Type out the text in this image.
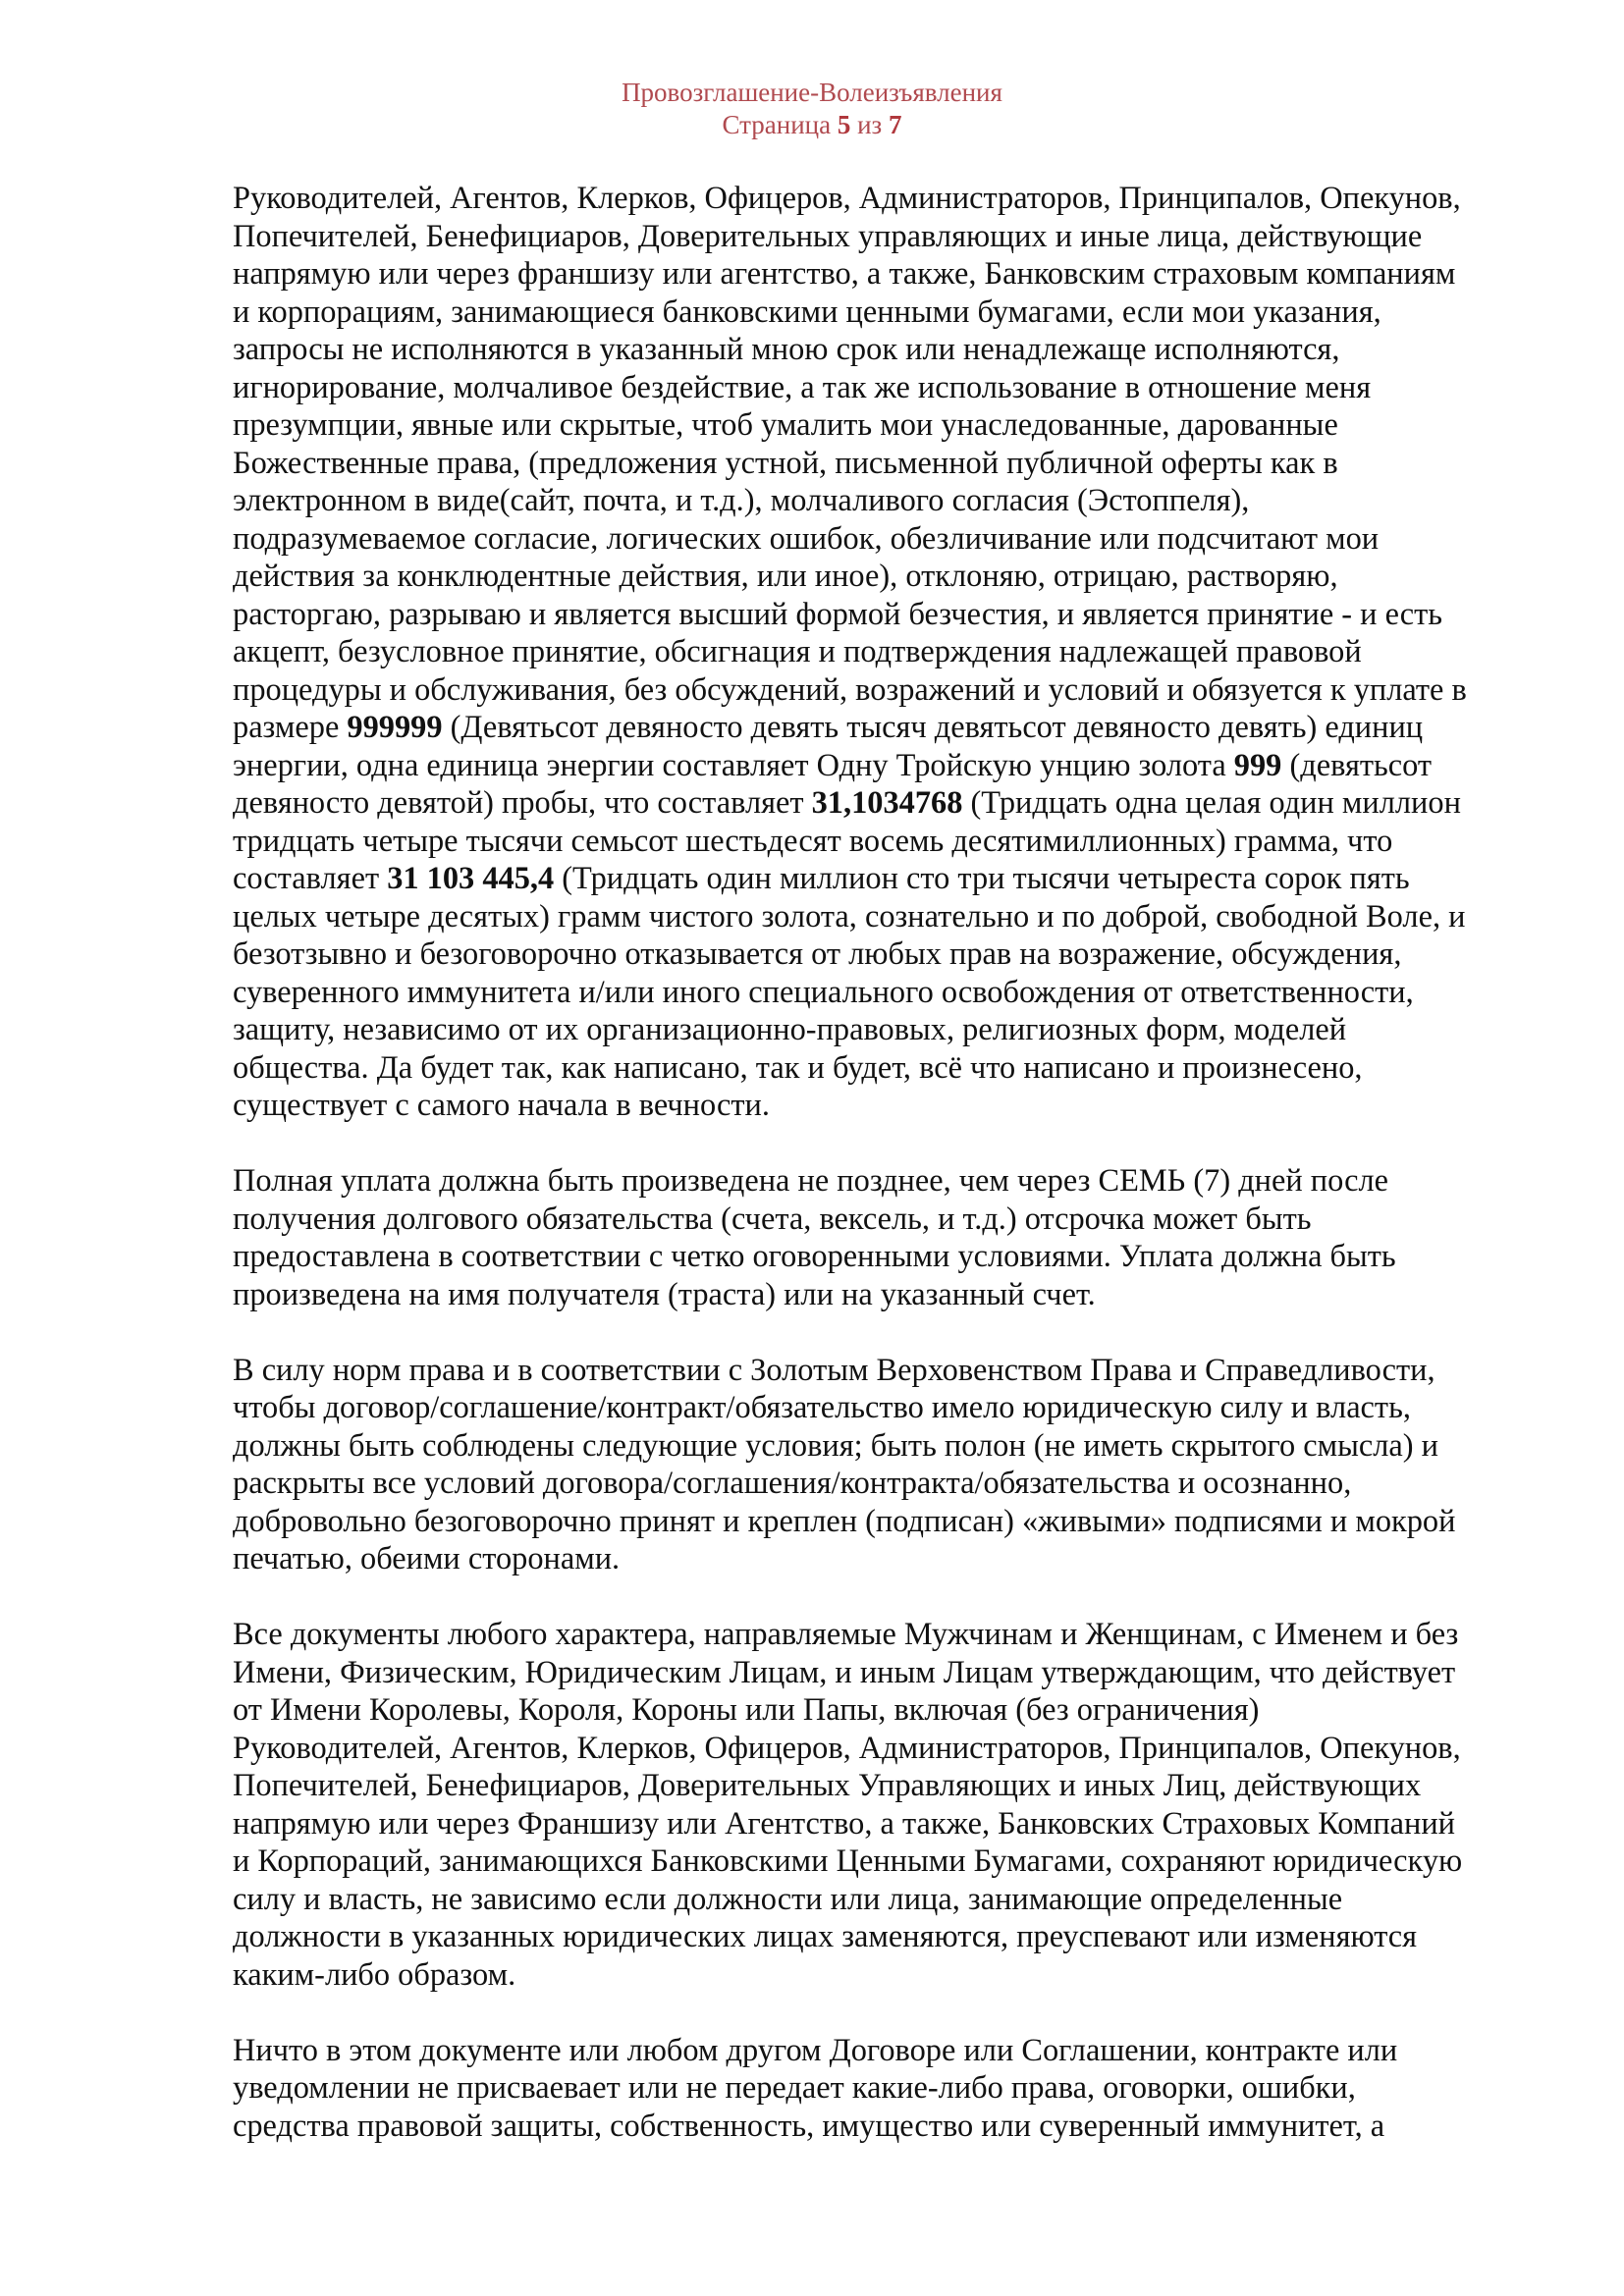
Провозглашение-Волеизъявления
Страница 5 из 7
Руководителей, Агентов, Клерков, Офицеров, Администраторов, Принципалов, Опекунов,
Попечителей, Бенефициаров, Доверительных управляющих и иные лица, действующие
напрямую или через франшизу или агентство, а также, Банковским страховым компаниям
и корпорациям, занимающиеся банковскими ценными бумагами, если мои указания,
запросы не исполняются в указанный мною срок или ненадлежаще исполняются,
игнорирование, молчаливое бездействие, а так же использование в отношение меня
презумпции, явные или скрытые, чтоб умалить мои унаследованные, дарованные
Божественные права, (предложения устной, письменной публичной оферты как в
электронном в виде(сайт, почта, и т.д.), молчаливого согласия (Эстоппеля),
подразумеваемое согласие, логических ошибок, обезличивание или подсчитают мои
действия за конклюдентные действия, или иное), отклоняю, отрицаю, растворяю,
расторгаю, разрываю и является высший формой безчестия, и является принятие - и есть
акцепт, безусловное принятие, обсигнация и подтверждения надлежащей правовой
процедуры и обслуживания, без обсуждений, возражений и условий и обязуется к уплате в
размере 999999 (Девятьсот девяносто девять тысяч девятьсот девяносто девять) единиц
энергии, одна единица энергии составляет Одну Тройскую унцию золота 999 (девятьсот
девяносто девятой) пробы, что составляет 31,1034768 (Тридцать одна целая один миллион
тридцать четыре тысячи семьсот шестьдесят восемь десятимиллионных) грамма, что
составляет 31 103 445,4 (Тридцать один миллион сто три тысячи четыреста сорок пять
целых четыре десятых) грамм чистого золота, сознательно и по доброй, свободной Воле, и
безотзывно и безоговорочно отказывается от любых прав на возражение, обсуждения,
суверенного иммунитета и/или иного специального освобождения от ответственности,
защиту, независимо от их организационно-правовых, религиозных форм, моделей
общества. Да будет так, как написано, так и будет, всё что написано и произнесено,
существует с самого начала в вечности.
Полная уплата должна быть произведена не позднее, чем через СЕМЬ (7) дней после
получения долгового обязательства (счета, вексель, и т.д.) отсрочка может быть
предоставлена в соответствии с четко оговоренными условиями. Уплата должна быть
произведена на имя получателя (траста) или на указанный счет.
В силу норм права и в соответствии с Золотым Верховенством Права и Справедливости,
чтобы договор/соглашение/контракт/обязательство имело юридическую силу и власть,
должны быть соблюдены следующие условия; быть полон (не иметь скрытого смысла) и
раскрыты все условий договора/соглашения/контракта/обязательства и осознанно,
добровольно безоговорочно принят и креплен (подписан) «живыми» подписями и мокрой
печатью, обеими сторонами.
Все документы любого характера, направляемые Мужчинам и Женщинам, с Именем и без
Имени, Физическим, Юридическим Лицам, и иным Лицам утверждающим, что действует
от Имени Королевы, Короля, Короны или Папы, включая (без ограничения)
Руководителей, Агентов, Клерков, Офицеров, Администраторов, Принципалов, Опекунов,
Попечителей, Бенефициаров, Доверительных Управляющих и иных Лиц, действующих
напрямую или через Франшизу или Агентство, а также, Банковских Страховых Компаний
и Корпораций, занимающихся Банковскими Ценными Бумагами, сохраняют юридическую
силу и власть, не зависимо если должности или лица, занимающие определенные
должности в указанных юридических лицах заменяются, преуспевают или изменяются
каким-либо образом.
Ничто в этом документе или любом другом Договоре или Соглашении, контракте или
уведомлении не присваевает или не передает какие-либо права, оговорки, ошибки,
средства правовой защиты, собственность, имущество или суверенный иммунитет, а
